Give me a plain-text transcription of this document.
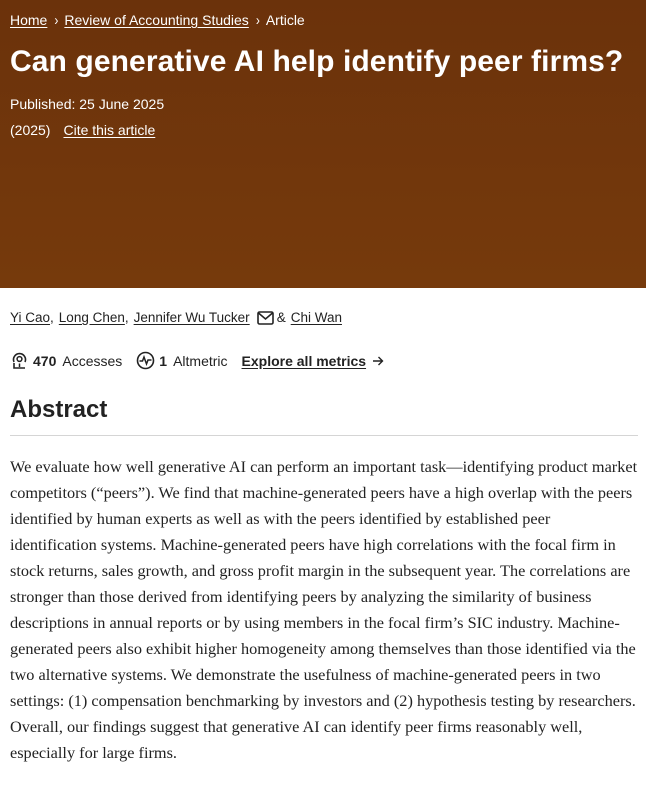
Home › Review of Accounting Studies › Article
Can generative AI help identify peer firms?
Published: 25 June 2025
(2025) Cite this article
Yi Cao , Long Chen , Jennifer Wu Tucker & Chi Wan
470 Accesses	1 Altmetric Explore all metrics
Abstract

We evaluate how well generative AI can perform an important task—identifying product market competitors (“peers”). We find that machine-generated peers have a high overlap with the peers identified by human experts as well as with the peers identified by established peer identification systems. Machine-generated peers have high correlations with the focal firm in stock returns, sales growth, and gross profit margin in the subsequent year. The correlations are stronger than those derived from identifying peers by analyzing the similarity of business descriptions in annual reports or by using members in the focal firm’s SIC industry. Machine-generated peers also exhibit higher homogeneity among themselves than those identified via the two alternative systems. We demonstrate the usefulness of machine-generated peers in two settings: (1) compensation benchmarking by investors and (2) hypothesis testing by researchers. Overall, our findings suggest that generative AI can identify peer firms reasonably well, especially for large firms.
